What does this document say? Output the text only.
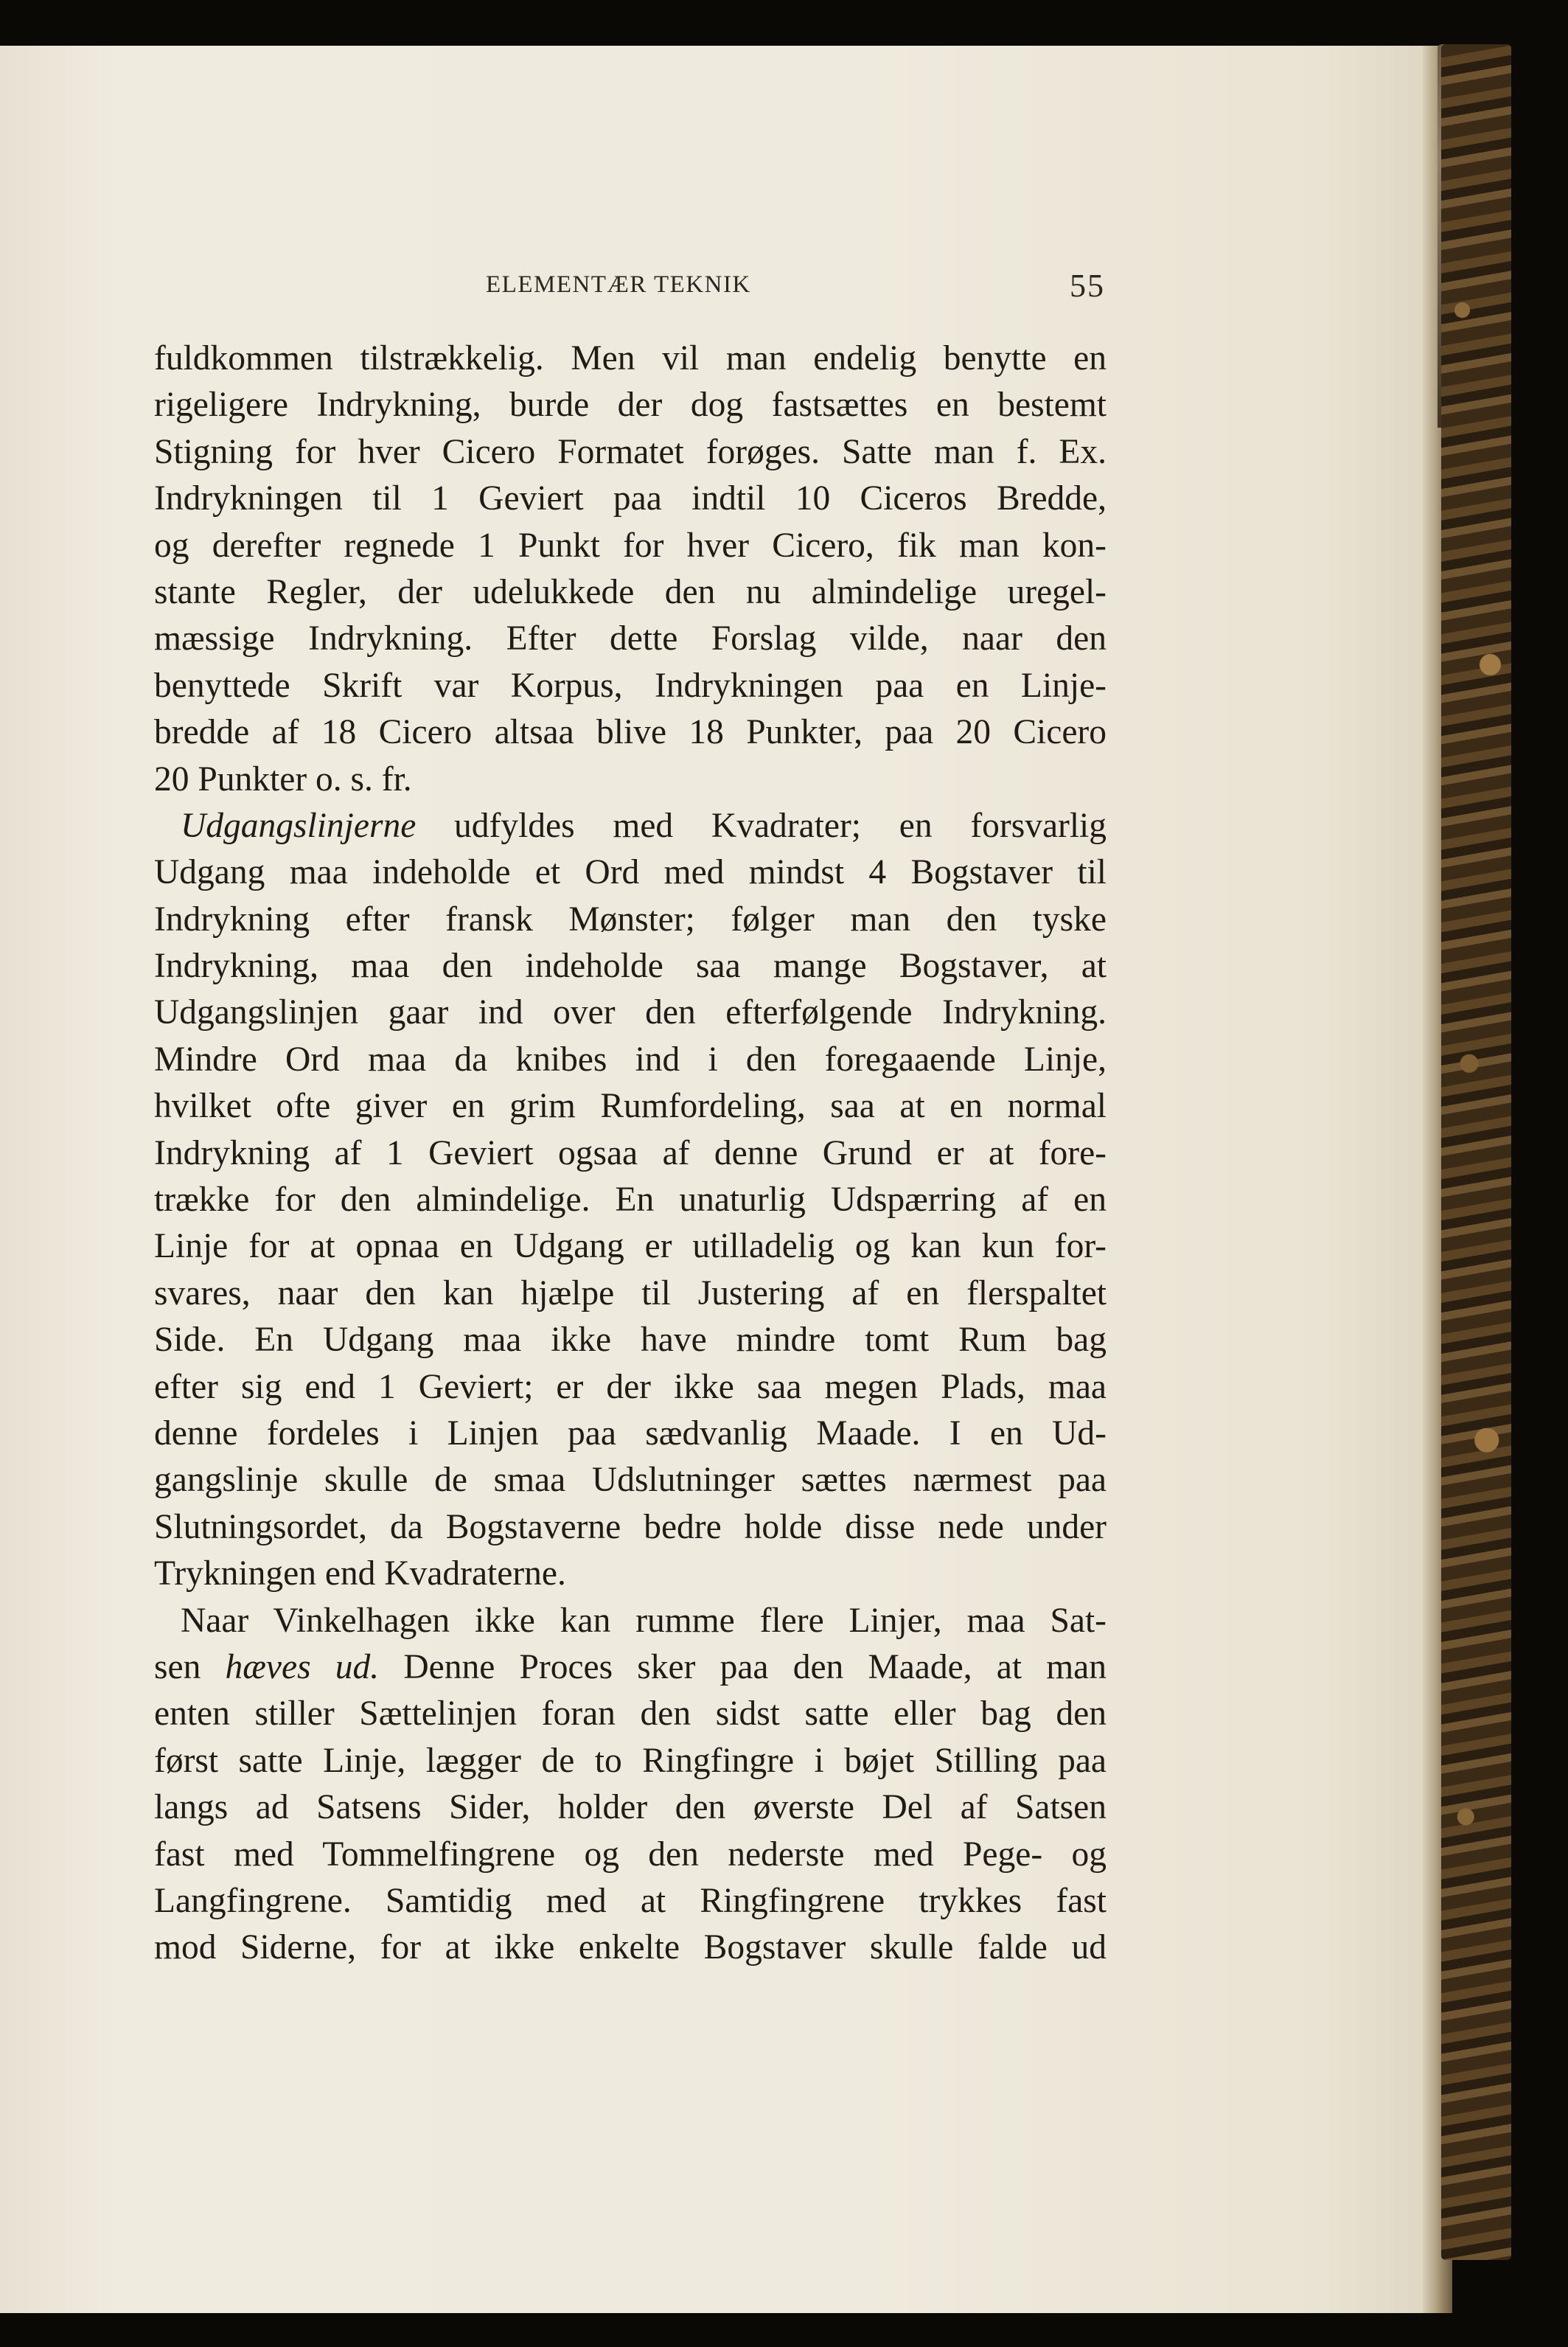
ELEMENTÆR TEKNIK	55
fuldkommen tilstrækkelig. Men vil man endelig benytte en
rigeligere Indrykning, burde der dog fastsættes en bestemt
Stigning for hver Cicero Formatet forøges. Satte man f. Ex.
Indrykningen til 1 Geviert paa indtil 10 Ciceros Bredde,
og derefter regnede 1 Punkt for hver Cicero, fik man kon-
stante Regler, der udelukkede den nu almindelige uregel-
mæssige Indrykning. Efter dette Forslag vilde, naar den
benyttede Skrift var Korpus, Indrykningen paa en Linje-
bredde af 18 Cicero altsaa blive 18 Punkter, paa 20 Cicero
20 Punkter o. s. fr.
Udgangslinjerne udfyldes med Kvadrater; en forsvarlig
Udgang maa indeholde et Ord med mindst 4 Bogstaver til
Indrykning efter fransk Mønster; følger man den tyske
Indrykning, maa den indeholde saa mange Bogstaver, at
Udgangslinjen gaar ind over den efterfølgende Indrykning.
Mindre Ord maa da knibes ind i den foregaaende Linje,
hvilket ofte giver en grim Rumfordeling, saa at en normal
Indrykning af 1 Geviert ogsaa af denne Grund er at fore-
trække for den almindelige. En unaturlig Udspærring af en
Linje for at opnaa en Udgang er utilladelig og kan kun for-
svares, naar den kan hjælpe til Justering af en flerspaltet
Side. En Udgang maa ikke have mindre tomt Rum bag
efter sig end 1 Geviert; er der ikke saa megen Plads, maa
denne fordeles i Linjen paa sædvanlig Maade. I en Ud-
gangslinje skulle de smaa Udslutninger sættes nærmest paa
Slutningsordet, da Bogstaverne bedre holde disse nede under
Trykningen end Kvadraterne.
Naar Vinkelhagen ikke kan rumme flere Linjer, maa Sat-
sen hæves ud. Denne Proces sker paa den Maade, at man
enten stiller Sættelinjen foran den sidst satte eller bag den
først satte Linje, lægger de to Ringfingre i bøjet Stilling paa
langs ad Satsens Sider, holder den øverste Del af Satsen
fast med Tommelfingrene og den nederste med Pege- og
Langfingrene. Samtidig med at Ringfingrene trykkes fast
mod Siderne, for at ikke enkelte Bogstaver skulle falde ud
